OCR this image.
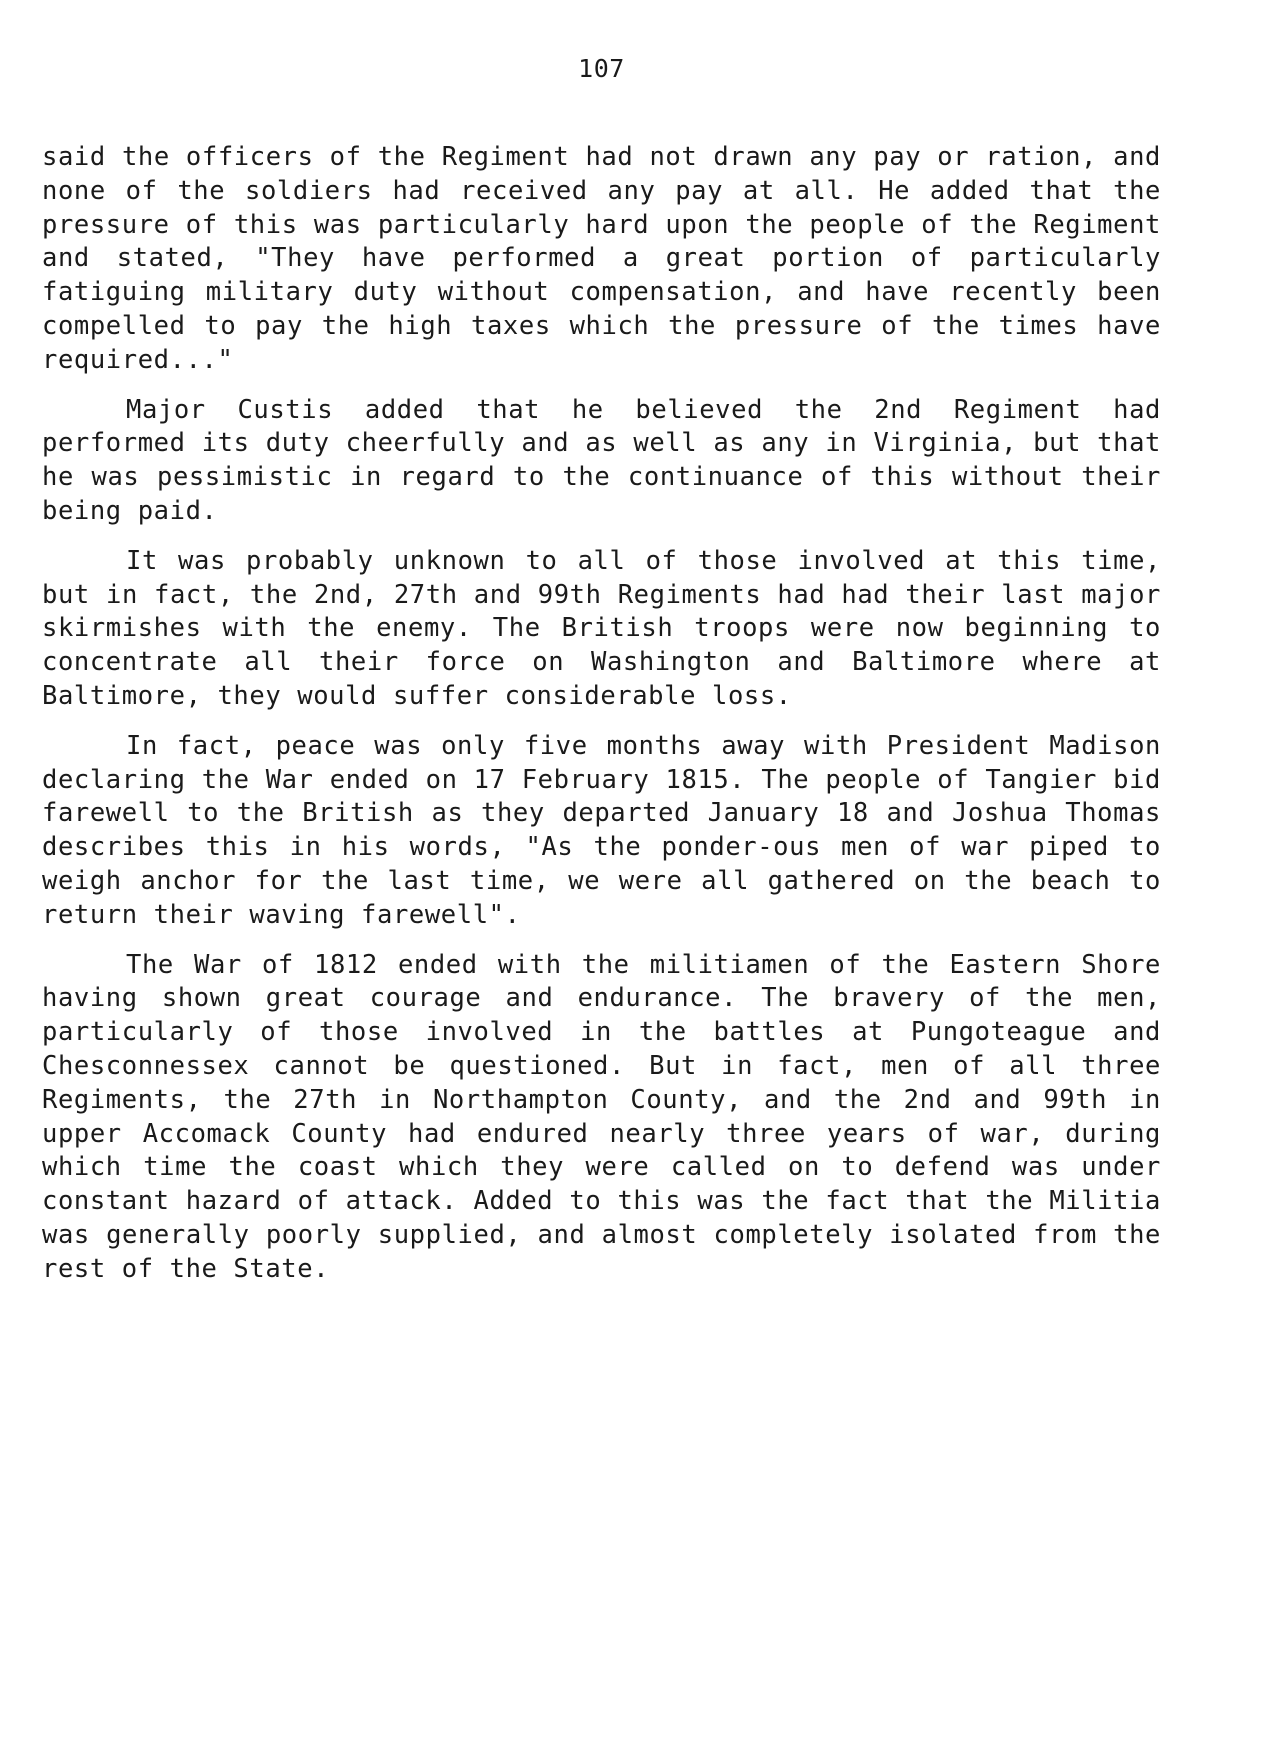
107

said the officers of the Regiment had not drawn any pay or ration, and none of the soldiers had received any pay at all. He added that the pressure of this was particularly hard upon the people of the Regiment and stated, "They have performed a great portion of particularly fatiguing military duty without compensation, and have recently been compelled to pay the high taxes which the pressure of the times have required..."

Major Custis added that he believed the 2nd Regiment had performed its duty cheerfully and as well as any in Virginia, but that he was pessimistic in regard to the continuance of this without their being paid.

It was probably unknown to all of those involved at this time, but in fact, the 2nd, 27th and 99th Regiments had had their last major skirmishes with the enemy. The British troops were now beginning to concentrate all their force on Washington and Baltimore where at Baltimore, they would suffer considerable loss.

In fact, peace was only five months away with President Madison declaring the War ended on 17 February 1815. The people of Tangier bid farewell to the British as they departed January 18 and Joshua Thomas describes this in his words, "As the ponder-ous men of war piped to weigh anchor for the last time, we were all gathered on the beach to return their waving farewell".

The War of 1812 ended with the militiamen of the Eastern Shore having shown great courage and endurance. The bravery of the men, particularly of those involved in the battles at Pungoteague and Chesconnessex cannot be questioned. But in fact, men of all three Regiments, the 27th in Northampton County, and the 2nd and 99th in upper Accomack County had endured nearly three years of war, during which time the coast which they were called on to defend was under constant hazard of attack. Added to this was the fact that the Militia was generally poorly supplied, and almost completely isolated from the rest of the State.
